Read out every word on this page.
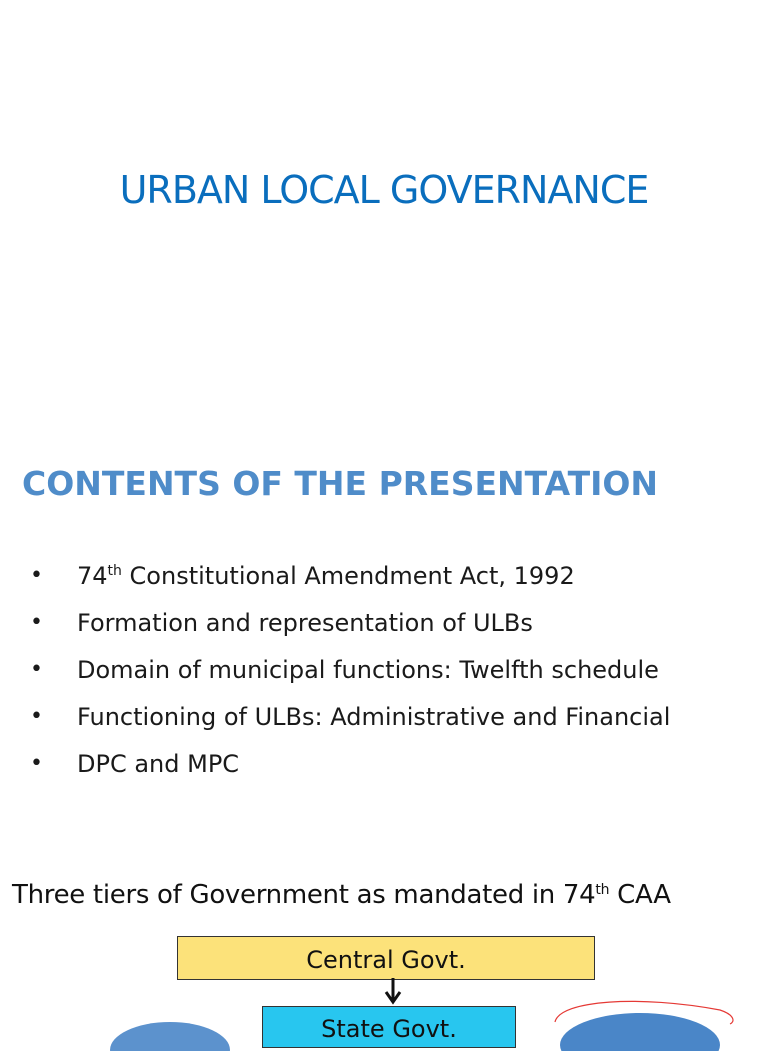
URBAN LOCAL GOVERNANCE
CONTENTS OF THE PRESENTATION
• 74th Constitutional Amendment Act, 1992
• Formation and representation of ULBs
• Domain of municipal functions: Twelfth schedule
• Functioning of ULBs: Administrative and Financial
• DPC and MPC
Three tiers of Government as mandated in 74th CAA
Central Govt.
State Govt.
